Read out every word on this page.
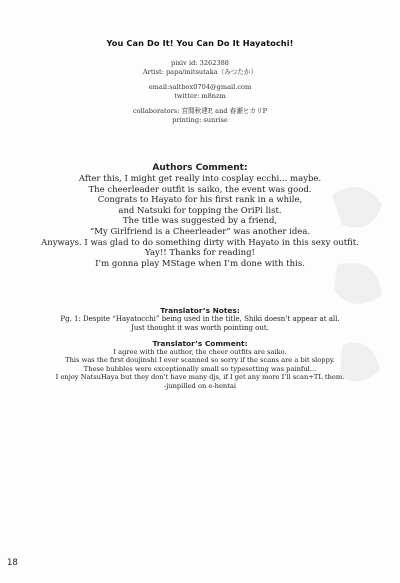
You Can Do It! You Can Do It Hayatochi!
pixiv id: 3262388
Artist: papa/mitsutaka（みつたか）
email:saltbox0704@gmail.com
twitter: m8nzm
collaborators: 宮間秋建P, and 春瀬ヒカリP
printing: sunrise
Authors Comment:
After this, I might get really into cosplay ecchi... maybe.
The cheerleader outfit is saiko, the event was good.
Congrats to Hayato for his first rank in a while,
and Natsuki for topping the OriPi list.
The title was suggested by a friend,
“My Girlfriend is a Cheerleader” was another idea.
Anyways. I was glad to do something dirty with Hayato in this sexy outfit.
Yay!! Thanks for reading!
I’m gonna play MStage when I’m done with this.
Translator’s Notes:
Pg. 1: Despite “Hayatocchi” being used in the title, Shiki doesn’t appear at all.
Just thought it was worth pointing out.
Translator’s Comment:
I agree with the author, the cheer outfits are saiko.
This was the first doujinshi I ever scanned so sorry if the scans are a bit sloppy.
These bubbles were exceptionally small so typesetting was painful...
I enjoy NatsuHaya but they don’t have many djs, if I get any more I’ll scan+TL them.
-junpilled on e-hentai
18
